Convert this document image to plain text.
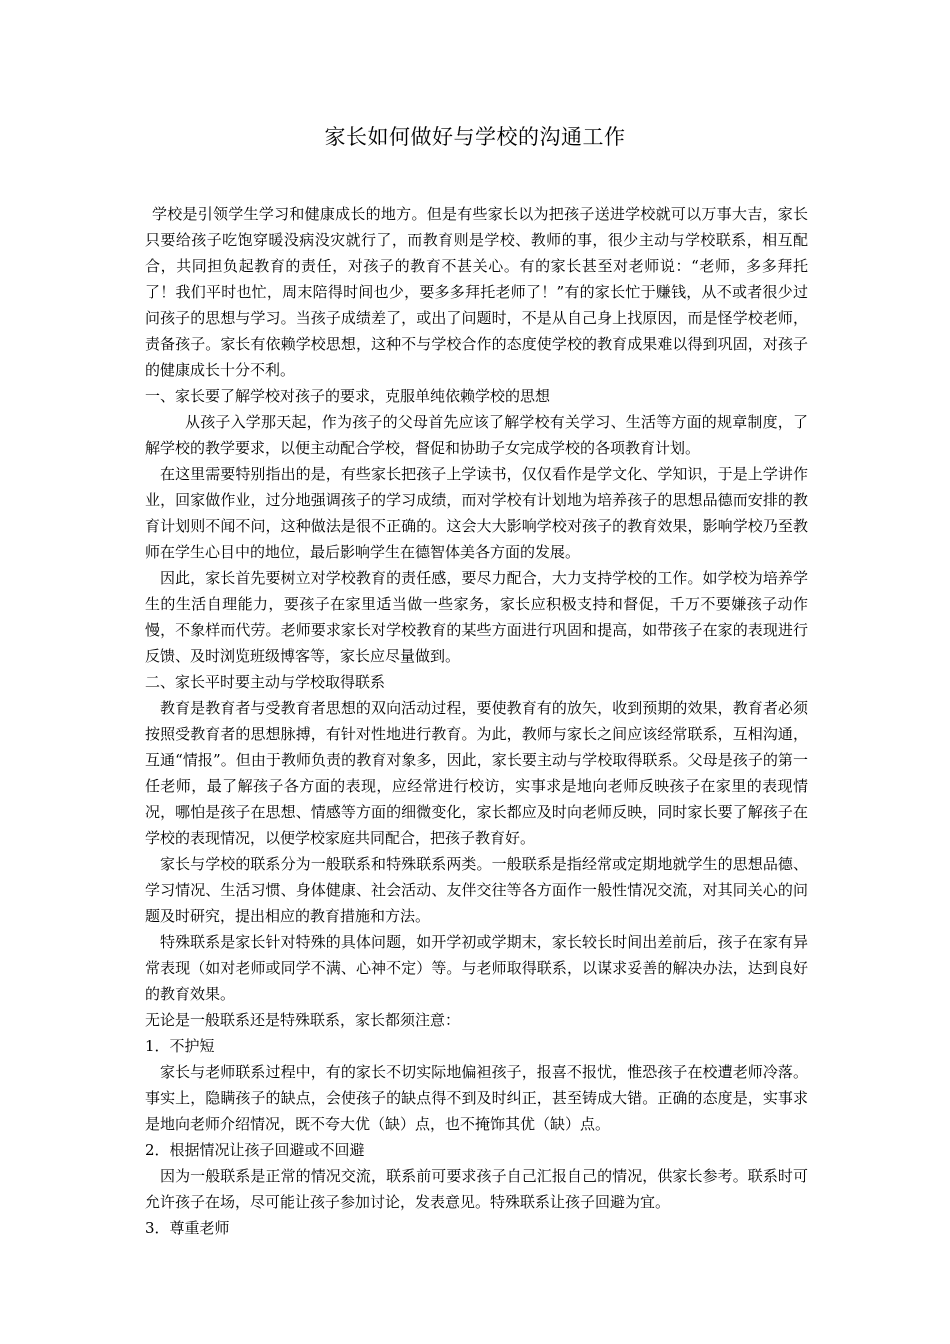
家长如何做好与学校的沟通工作

学校是引领学生学习和健康成长的地方。但是有些家长以为把孩子送进学校就可以万事大吉，家长只要给孩子吃饱穿暖没病没灾就行了，而教育则是学校、教师的事，很少主动与学校联系，相互配合，共同担负起教育的责任，对孩子的教育不甚关心。有的家长甚至对老师说：“老师，多多拜托了！我们平时也忙，周末陪得时间也少，要多多拜托老师了！”有的家长忙于赚钱，从不或者很少过问孩子的思想与学习。当孩子成绩差了，或出了问题时，不是从自己身上找原因，而是怪学校老师，责备孩子。家长有依赖学校思想，这种不与学校合作的态度使学校的教育成果难以得到巩固，对孩子的健康成长十分不利。

一、家长要了解学校对孩子的要求，克服单纯依赖学校的思想

从孩子入学那天起，作为孩子的父母首先应该了解学校有关学习、生活等方面的规章制度，了解学校的教学要求，以便主动配合学校，督促和协助子女完成学校的各项教育计划。

在这里需要特别指出的是，有些家长把孩子上学读书，仅仅看作是学文化、学知识，于是上学讲作业，回家做作业，过分地强调孩子的学习成绩，而对学校有计划地为培养孩子的思想品德而安排的教育计划则不闻不问，这种做法是很不正确的。这会大大影响学校对孩子的教育效果，影响学校乃至教师在学生心目中的地位，最后影响学生在德智体美各方面的发展。

因此，家长首先要树立对学校教育的责任感，要尽力配合，大力支持学校的工作。如学校为培养学生的生活自理能力，要孩子在家里适当做一些家务，家长应积极支持和督促，千万不要嫌孩子动作慢，不象样而代劳。老师要求家长对学校教育的某些方面进行巩固和提高，如带孩子在家的表现进行反馈、及时浏览班级博客等，家长应尽量做到。

二、家长平时要主动与学校取得联系

教育是教育者与受教育者思想的双向活动过程，要使教育有的放矢，收到预期的效果，教育者必须按照受教育者的思想脉搏，有针对性地进行教育。为此，教师与家长之间应该经常联系，互相沟通，互通“情报”。但由于教师负责的教育对象多，因此，家长要主动与学校取得联系。父母是孩子的第一任老师，最了解孩子各方面的表现，应经常进行校访，实事求是地向老师反映孩子在家里的表现情况，哪怕是孩子在思想、情感等方面的细微变化，家长都应及时向老师反映，同时家长要了解孩子在学校的表现情况，以便学校家庭共同配合，把孩子教育好。

家长与学校的联系分为一般联系和特殊联系两类。一般联系是指经常或定期地就学生的思想品德、学习情况、生活习惯、身体健康、社会活动、友伴交往等各方面作一般性情况交流，对其同关心的问题及时研究，提出相应的教育措施和方法。

特殊联系是家长针对特殊的具体问题，如开学初或学期末，家长较长时间出差前后，孩子在家有异常表现（如对老师或同学不满、心神不定）等。与老师取得联系，以谋求妥善的解决办法，达到良好的教育效果。

无论是一般联系还是特殊联系，家长都须注意：

1．不护短

家长与老师联系过程中，有的家长不切实际地偏袒孩子，报喜不报忧，惟恐孩子在校遭老师冷落。事实上，隐瞒孩子的缺点，会使孩子的缺点得不到及时纠正，甚至铸成大错。正确的态度是，实事求是地向老师介绍情况，既不夸大优（缺）点，也不掩饰其优（缺）点。

2．根据情况让孩子回避或不回避

因为一般联系是正常的情况交流，联系前可要求孩子自己汇报自己的情况，供家长参考。联系时可允许孩子在场，尽可能让孩子参加讨论，发表意见。特殊联系让孩子回避为宜。

3．尊重老师
